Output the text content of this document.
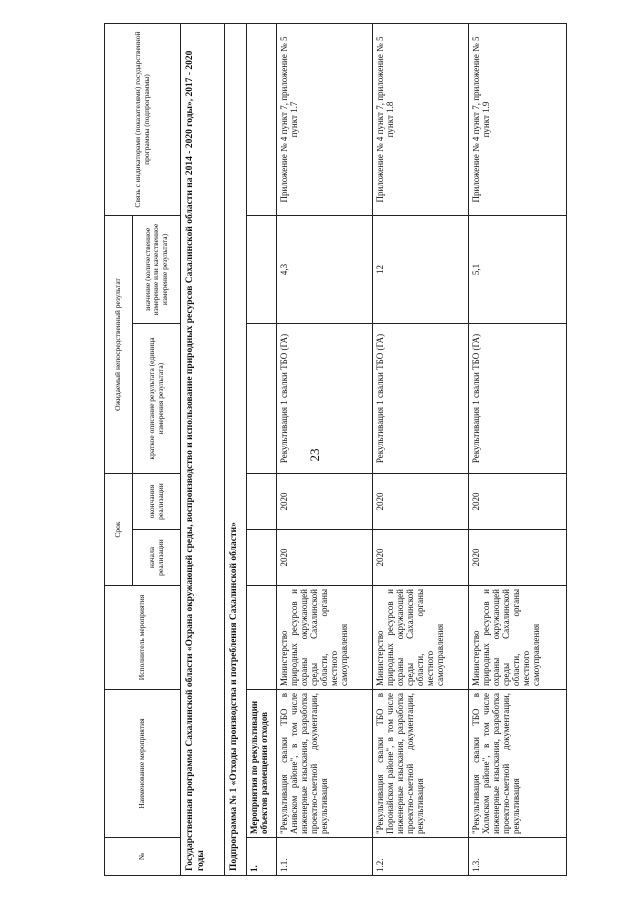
23
№	Наименование мероприятия	Исполнитель мероприятия	Срок		Ожидаемый непосредственный результат		Связь с индикаторами (показателями) государственной программы (подпрограммы)
			начала реализации	окончания реализации	краткое описание результата (единица измерения результата)	значение (количественное измерение или качественное измерение результата)	
Государственная программа Сахалинской области «Охрана окружающей среды, воспроизводство и использование природных ресурсов Сахалинской области на 2014 - 2020 годы», 2017 - 2020 годы							
Подпрограмма № 1 «Отходы производства и потребления Сахалинской области»							
1.	Мероприятия по рекультивации объектов размещения отходов						
1.1.	"Рекультивация свалки ТБО в Анивском районе", в том числе инженерные изыскания, разработка проектно-сметной документации, рекультивация	Министерство природных ресурсов и охраны окружающей среды Сахалинской области, органы местного самоуправления	2020	2020	Рекультивация 1 свалки ТБО (ГА)	4,3	Приложение № 4 пункт 7, приложение № 5 пункт 1.7
1.2.	"Рекультивация свалки ТБО в Поронайском районе", в том числе инженерные изыскания, разработка проектно-сметной документации, рекультивация	Министерство природных ресурсов и охраны окружающей среды Сахалинской области, органы местного самоуправления	2020	2020	Рекультивация 1 свалки ТБО (ГА)	12	Приложение № 4 пункт 7, приложение № 5 пункт 1.8
1.3.	"Рекультивация свалки ТБО в Холмском районе", в том числе инженерные изыскания, разработка проектно-сметной документации, рекультивация	Министерство природных ресурсов и охраны окружающей среды Сахалинской области, органы местного самоуправления	2020	2020	Рекультивация 1 свалки ТБО (ГА)	5,1	Приложение № 4 пункт 7, приложение № 5 пункт 1.9
